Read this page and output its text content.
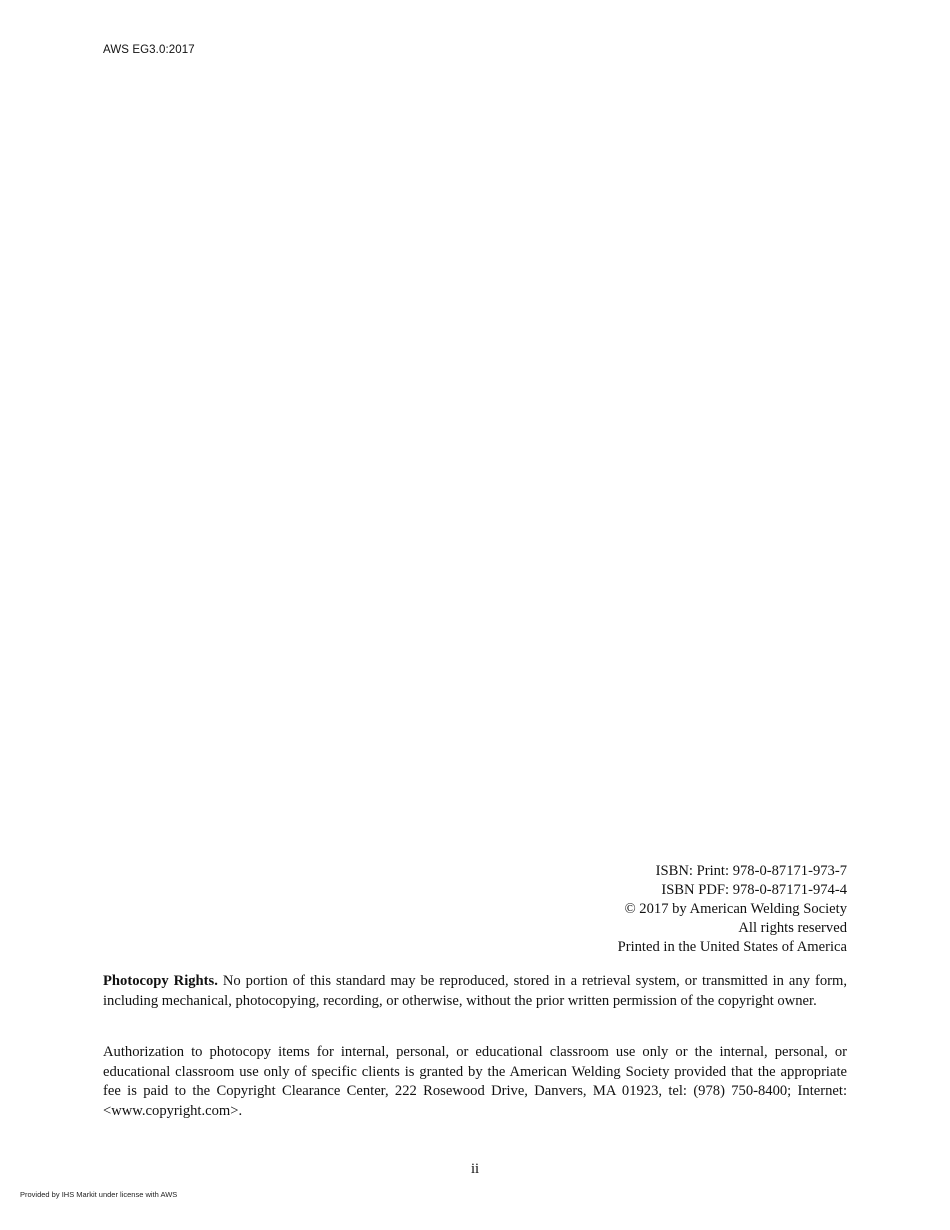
AWS EG3.0:2017
ISBN: Print: 978-0-87171-973-7
ISBN PDF: 978-0-87171-974-4
© 2017 by American Welding Society
All rights reserved
Printed in the United States of America

Photocopy Rights. No portion of this standard may be reproduced, stored in a retrieval system, or transmitted in any form, including mechanical, photocopying, recording, or otherwise, without the prior written permission of the copyright owner.

Authorization to photocopy items for internal, personal, or educational classroom use only or the internal, personal, or educational classroom use only of specific clients is granted by the American Welding Society provided that the appropriate fee is paid to the Copyright Clearance Center, 222 Rosewood Drive, Danvers, MA 01923, tel: (978) 750-8400; Internet: <www.copyright.com>.

ii
Provided by IHS Markit under license with AWS
